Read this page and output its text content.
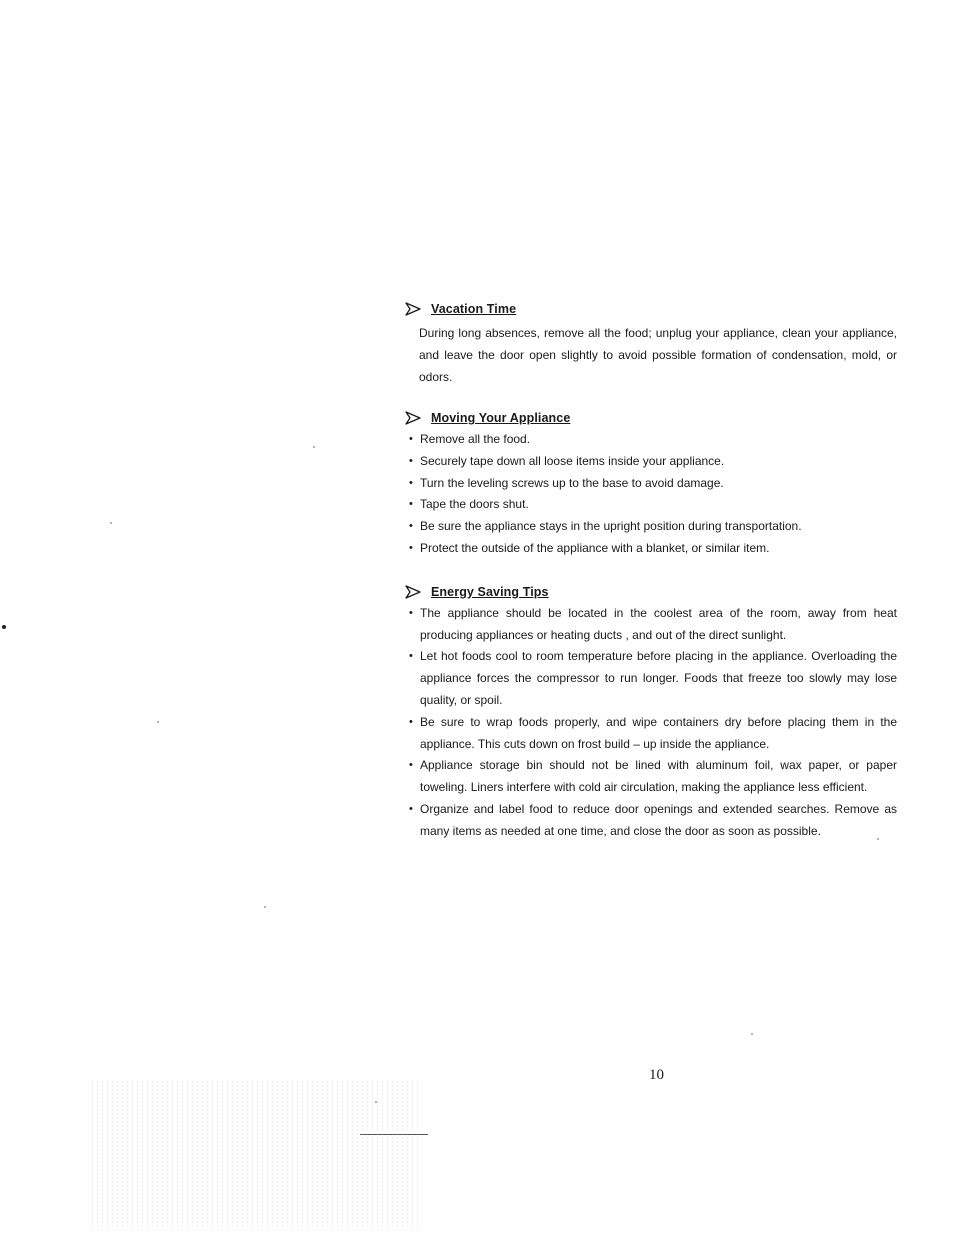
Vacation Time

During long absences, remove all the food; unplug your appliance, clean your appliance, and leave the door open slightly to avoid possible formation of condensation, mold, or odors.

Moving Your Appliance
• Remove all the food.
• Securely tape down all loose items inside your appliance.
• Turn the leveling screws up to the base to avoid damage.
• Tape the doors shut.
• Be sure the appliance stays in the upright position during transportation.
• Protect the outside of the appliance with a blanket, or similar item.
Energy Saving Tips
• The appliance should be located in the coolest area of the room, away from heat producing appliances or heating ducts , and out of the direct sunlight.
• Let hot foods cool to room temperature before placing in the appliance. Overloading the appliance forces the compressor to run longer. Foods that freeze too slowly may lose quality, or spoil.
• Be sure to wrap foods properly, and wipe containers dry before placing them in the appliance. This cuts down on frost build – up inside the appliance.
• Appliance storage bin should not be lined with aluminum foil, wax paper, or paper toweling. Liners interfere with cold air circulation, making the appliance less efficient.
• Organize and label food to reduce door openings and extended searches. Remove as many items as needed at one time, and close the door as soon as possible.
10
